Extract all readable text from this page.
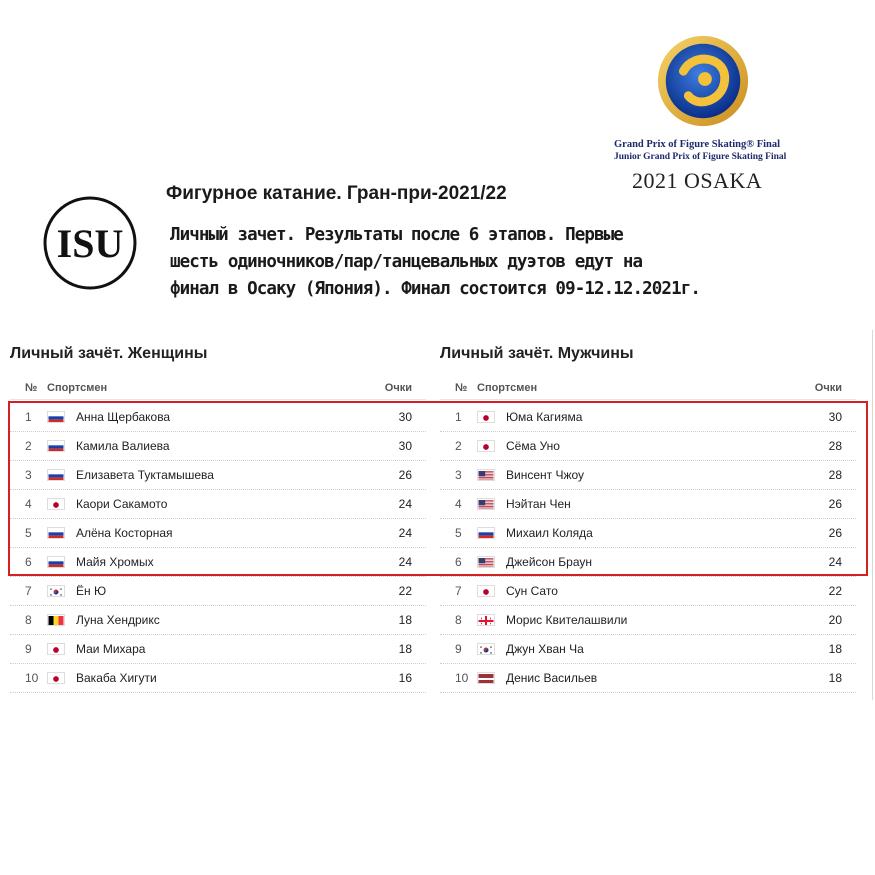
ISU
Grand Prix of Figure Skating® Final
Junior Grand Prix of Figure Skating Final
2021 OSAKA
Фигурное катание. Гран-при-2021/22
Личный зачет. Результаты после 6 этапов. Первые
шесть одиночников/пар/танцевальных дуэтов едут на
финал в Осаку (Япония). Финал состоится 09-12.12.2021г.
Личный зачёт. Женщины
№ Спортсмен	Очки
1	Анна Щербакова	30
2	Камила Валиева	30
3	Елизавета Туктамышева	26
4	Каори Сакамото	24
5	Алёна Косторная	24
6	Майя Хромых	24
7	Ён Ю	22
8	Луна Хендрикс	18
9	Маи Михара	18
10	Вакаба Хигути	16
Личный зачёт. Мужчины
№ Спортсмен	Очки
1	Юма Кагияма	30
2	Сёма Уно	28
3	Винсент Чжоу	28
4	Нэйтан Чен	26
5	Михаил Коляда	26
6	Джейсон Браун	24
7	Сун Сато	22
8	Морис Квителашвили	20
9	Джун Хван Ча	18
10	Денис Васильев	18
